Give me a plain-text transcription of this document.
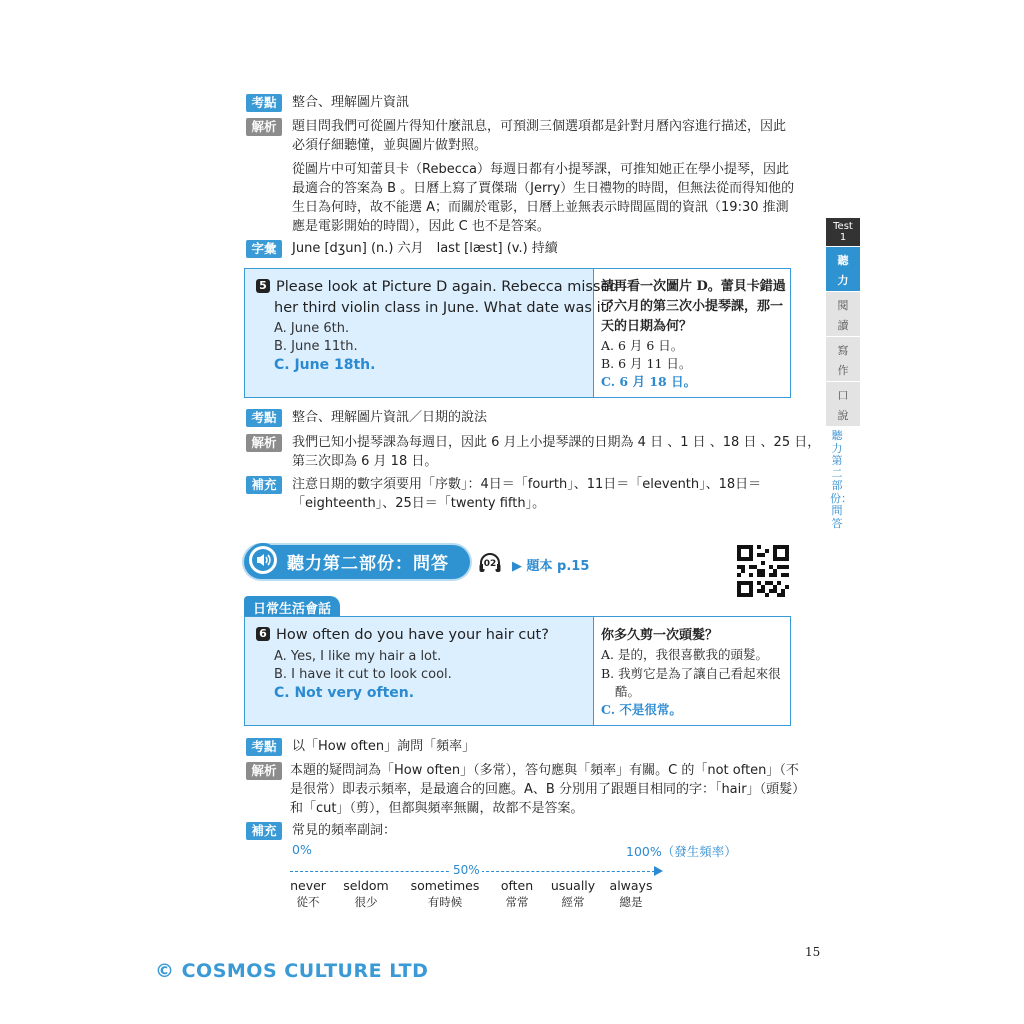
考點	整合、理解圖片資訊
解析	題目問我們可從圖片得知什麼訊息，可預測三個選項都是針對月曆內容進行描述，因此
必須仔細聽懂，並與圖片做對照。
從圖片中可知蕾貝卡（Rebecca）每週日都有小提琴課，可推知她正在學小提琴，因此
最適合的答案為 B 。日曆上寫了賈傑瑞（Jerry）生日禮物的時間，但無法從而得知他的
生日為何時，故不能選 A；而關於電影，日曆上並無表示時間區間的資訊（19:30 推測
應是電影開始的時間），因此 C 也不是答案。
字彙	June [dʒun] (n.) 六月　last [læst] (v.) 持續
5 Please look at Picture D again. Rebecca missed
her third violin class in June. What date was it?
A. June 6th.
B. June 11th.
C. June 18th.
請再看一次圖片 D。蕾貝卡錯過
了六月的第三次小提琴課，那一
天的日期為何？
A. 6 月 6 日。
B. 6 月 11 日。
C. 6 月 18 日。
考點	整合、理解圖片資訊／日期的說法
解析	我們已知小提琴課為每週日，因此 6 月上小提琴課的日期為 4 日 、1 日 、18 日 、25 日，
第三次即為 6 月 18 日。
補充	注意日期的數字須要用「序數」：4日＝「fourth」、11日＝「eleventh」、18日＝
「eighteenth」、25日＝「twenty fifth」。
聽力第二部份：問答	02 ▶ 題本 p.15
日常生活會話
6 How often do you have your hair cut?
A. Yes, I like my hair a lot.
B. I have it cut to look cool.
C. Not very often.
你多久剪一次頭髮？
A. 是的，我很喜歡我的頭髮。
B. 我剪它是為了讓自己看起來很
酷。
C. 不是很常。
考點	以「How often」詢問「頻率」
解析	本題的疑問詞為「How often」（多常），答句應與「頻率」有關。C 的「not often」（不
是很常）即表示頻率，是最適合的回應。A、B 分別用了跟題目相同的字：「hair」（頭髮）
和「cut」（剪），但都與頻率無關，故都不是答案。
補充	常見的頻率副詞：
0%	100%（發生頻率）
50%
never	seldom sometimes	often	usually	always
從不	很少	有時候	常常	經常	總是
Test
1
聽
力
閱
讀
寫
作
口
說
聽力第二部份：問答
15
© COSMOS CULTURE LTD
